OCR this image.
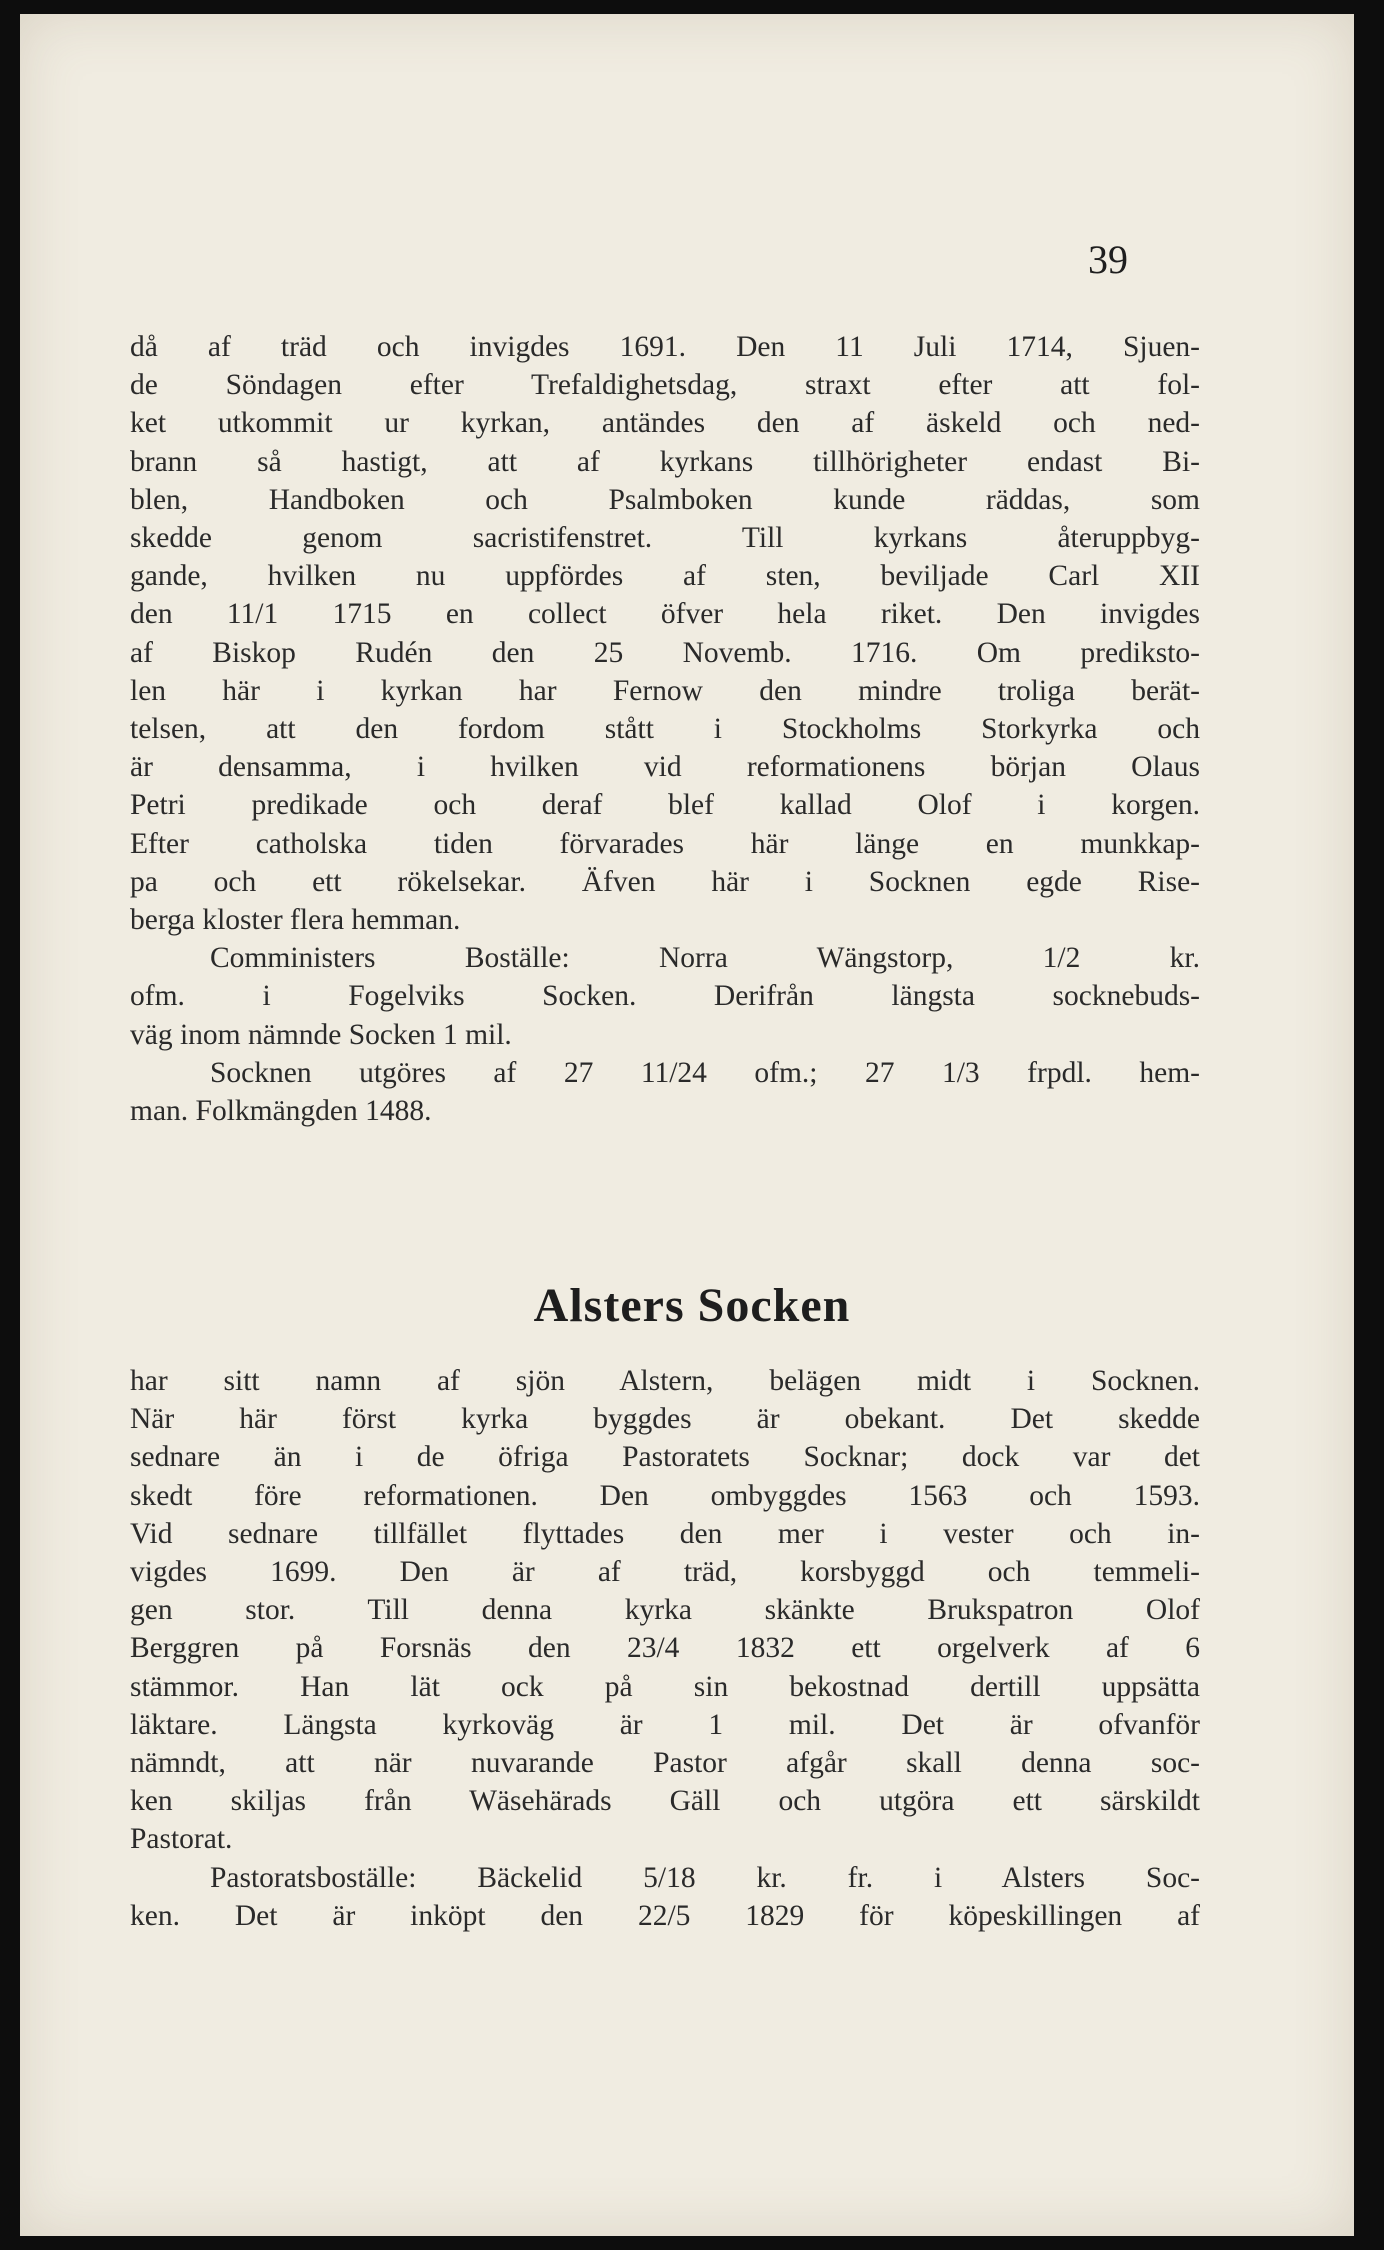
39

då af träd och invigdes 1691. Den 11 Juli 1714, Sjuen-
de Söndagen efter Trefaldighetsdag, straxt efter att fol-
ket utkommit ur kyrkan, antändes den af äskeld och ned-
brann så hastigt, att af kyrkans tillhörigheter endast Bi-
blen, Handboken och Psalmboken kunde räddas, som
skedde genom sacristifenstret. Till kyrkans återuppbyg-
gande, hvilken nu uppfördes af sten, beviljade Carl XII
den 11/1 1715 en collect öfver hela riket. Den invigdes
af Biskop Rudén den 25 Novemb. 1716. Om predikstо-
len här i kyrkan har Fernow den mindre troliga berät-
telsen, att den fordom stått i Stockholms Storkyrka och
är densamma, i hvilken vid reformationens början Olaus
Petri predikade och deraf blef kallad Olof i korgen.
Efter catholska tiden förvarades här länge en munkkap-
pa och ett rökelsekar. Äfven här i Socknen egde Rise-
berga kloster flera hemman.
Comministers Boställe: Norra Wängstorp, 1/2 kr.
ofm. i Fogelviks Socken. Derifrån längsta socknebuds-
väg inom nämnde Socken 1 mil.
Socknen utgöres af 27 11/24 ofm.; 27 1/3 frpdl. hem-
man. Folkmängden 1488.
Alsters Socken
har sitt namn af sjön Alstern, belägen midt i Socknen.
När här först kyrka byggdes är obekant. Det skedde
sednare än i de öfriga Pastoratets Socknar; dock var det
skedt före reformationen. Den ombyggdes 1563 och 1593.
Vid sednare tillfället flyttades den mer i vester och in-
vigdes 1699. Den är af träd, korsbyggd och temmeli-
gen stor. Till denna kyrka skänkte Brukspatron Olof
Berggren på Forsnäs den 23/4 1832 ett orgelverk af 6
stämmor. Han lät ock på sin bekostnad dertill uppsätta
läktare. Längsta kyrkoväg är 1 mil. Det är ofvanför
nämndt, att när nuvarande Pastor afgår skall denna soc-
ken skiljas från Wäsehärads Gäll och utgöra ett särskildt
Pastorat.
Pastoratsboställe: Bäckelid 5/18 kr. fr. i Alsters Soc-
ken. Det är inköpt den 22/5 1829 för köpeskillingen af
